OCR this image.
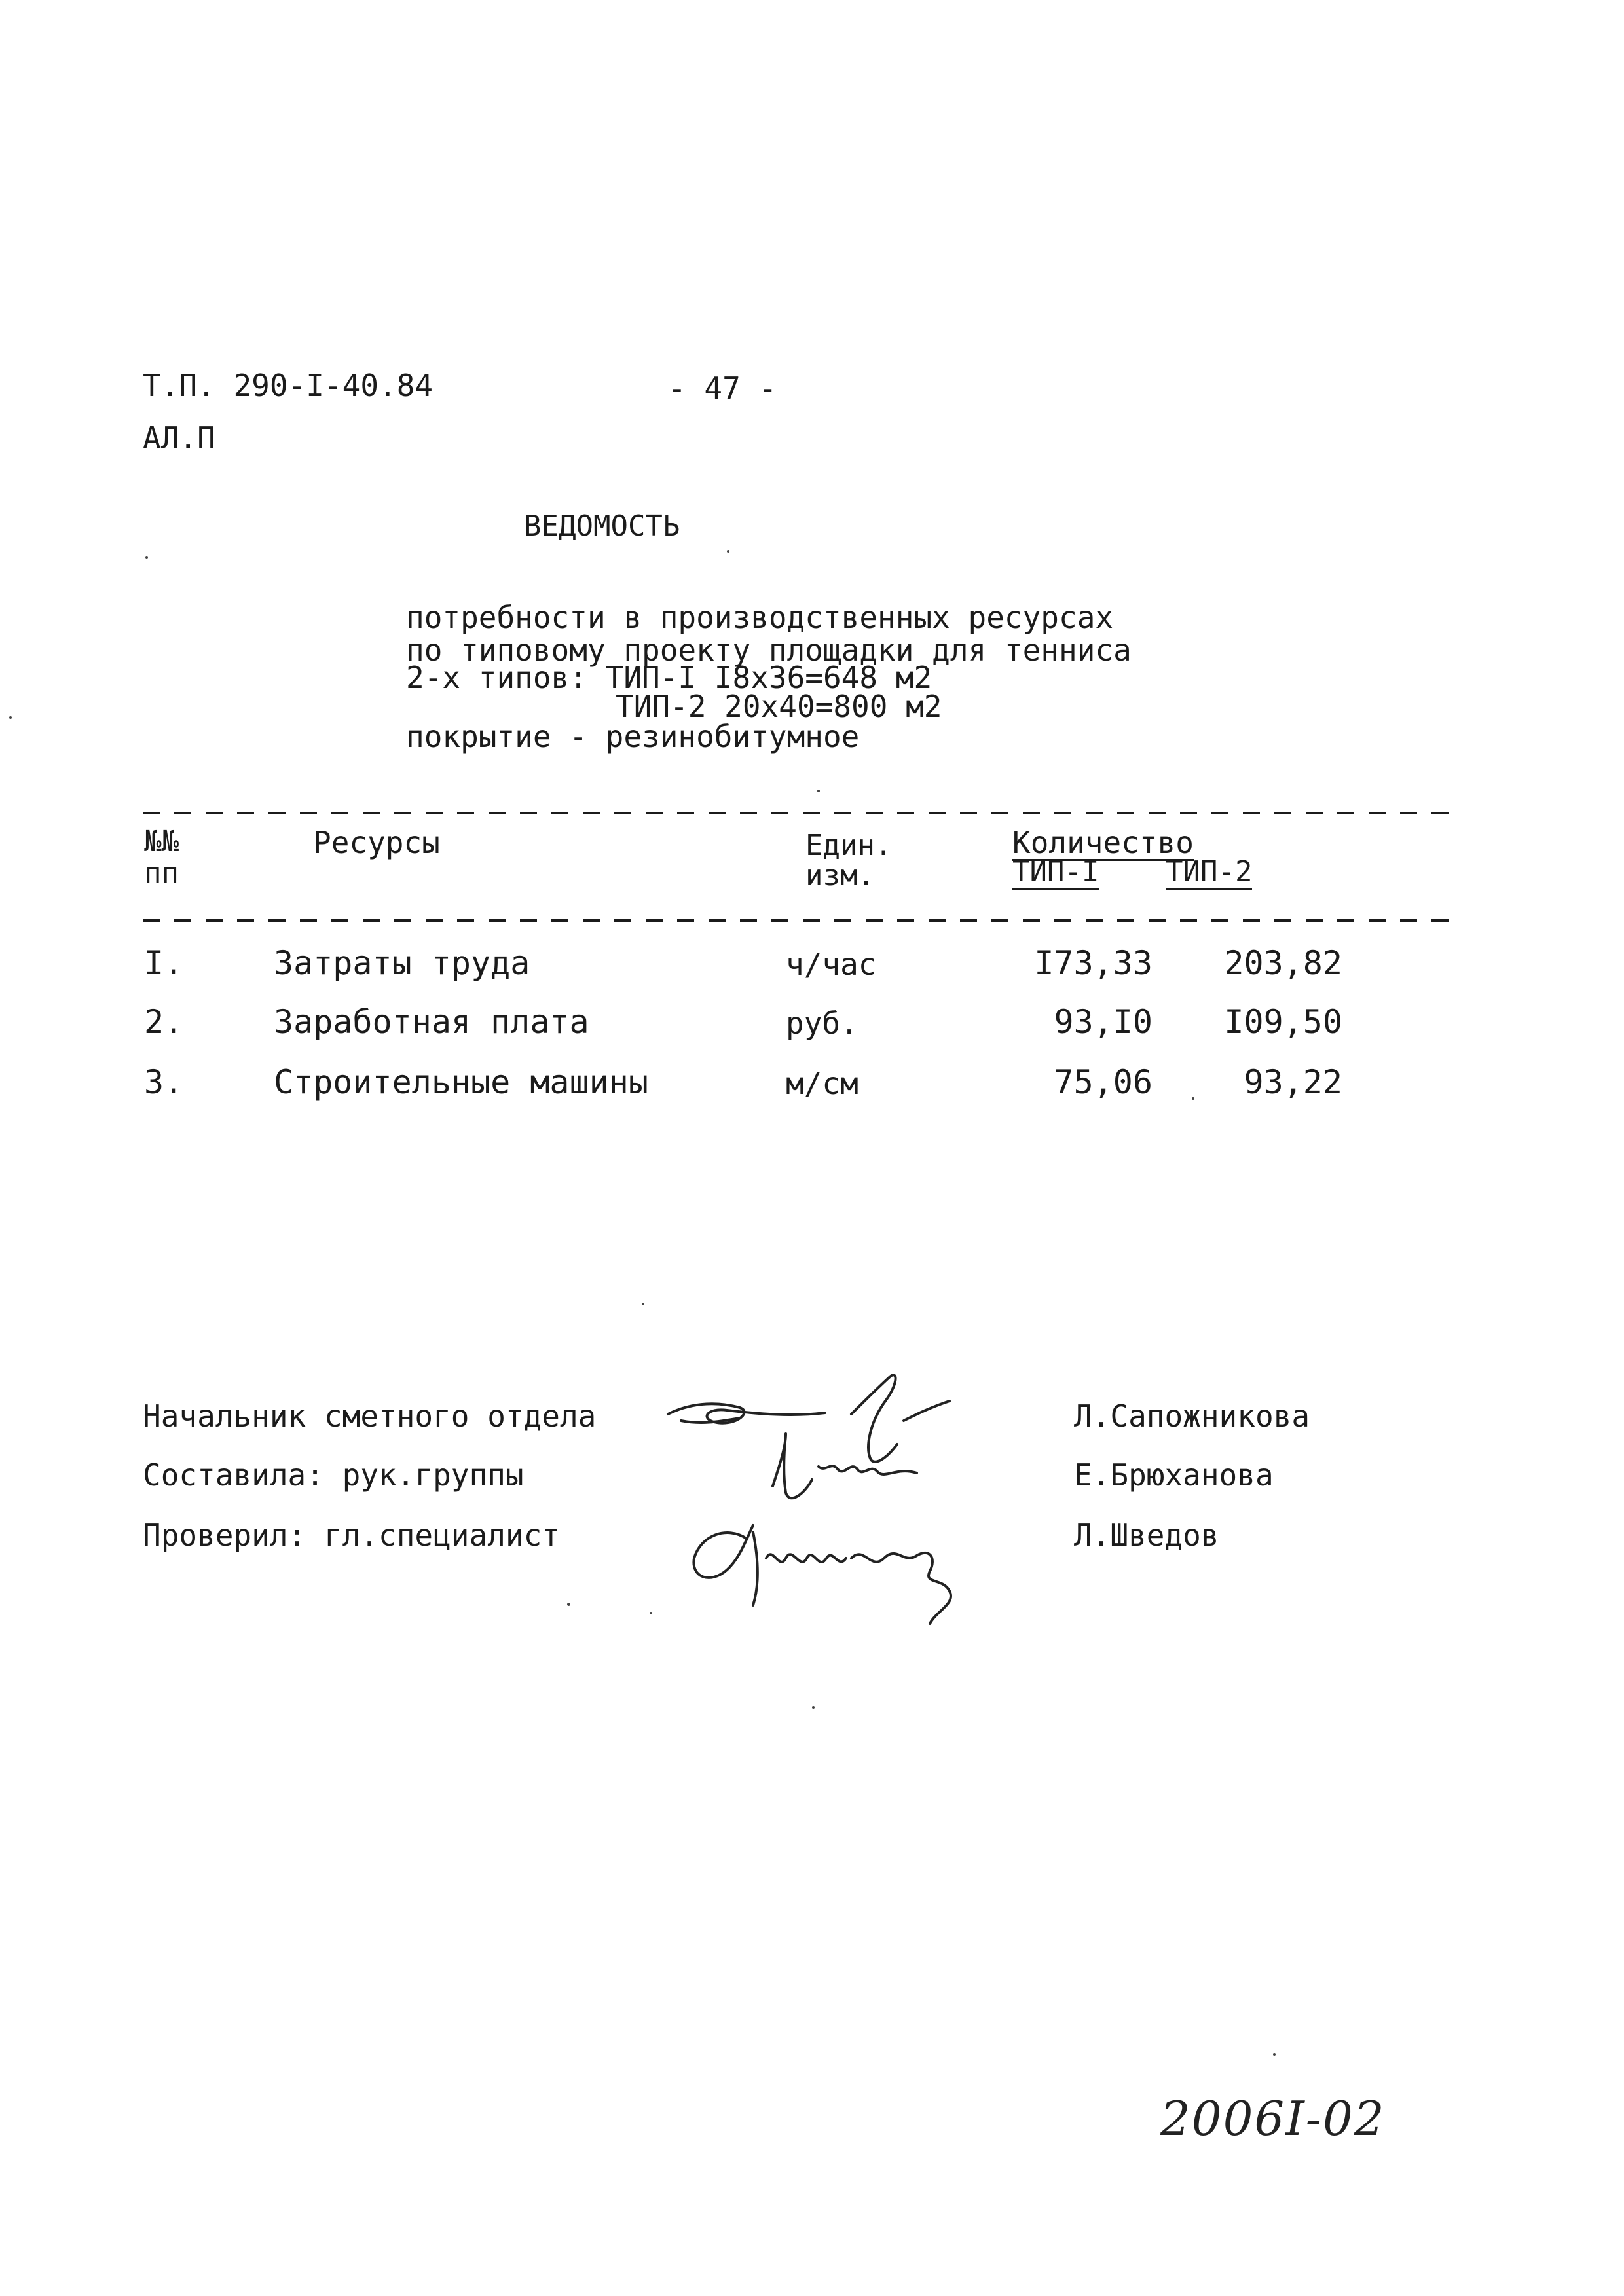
Т.П. 290-I-40.84	- 47 -
АЛ.П
ВЕДОМОСТЬ
потребности в производственных ресурсах
по типовому проекту площадки для тенниса
2-х типов: ТИП-I I8x36=648 м2
ТИП-2 20x40=800 м2
покрытие - резинобитумное
№№
пп
Ресурсы	Един.
изм.
Количество
ТИП-I ТИП-2
I.	Затраты труда	ч/час	I73,33	203,82
2.	Заработная плата	руб.	93,I0	I09,50
3.	Строительные машины	м/см	75,06	93,22
Начальник сметного отдела	Л.Сапожникова
Составила: рук.группы	Е.Брюханова
Проверил: гл.специалист	Л.Шведов
2006I-02
